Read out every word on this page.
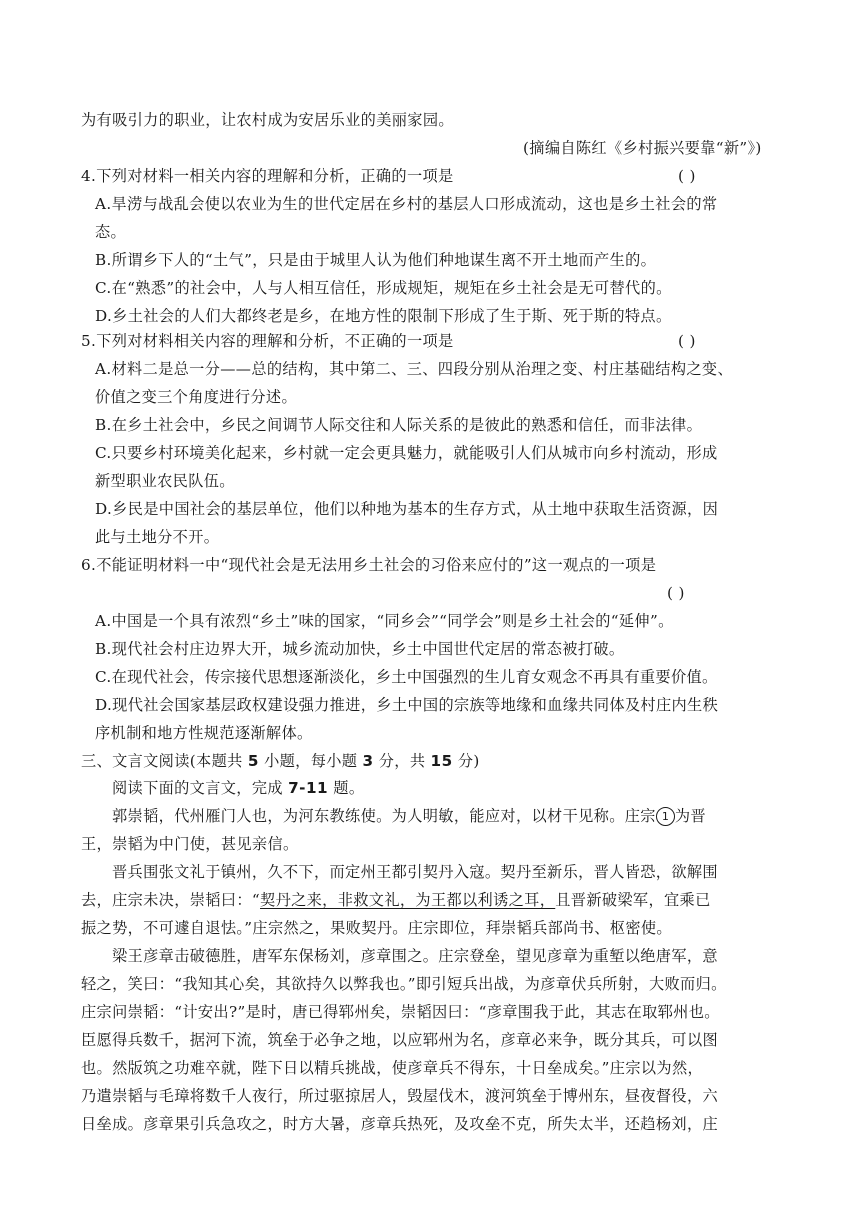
为有吸引力的职业，让农村成为安居乐业的美丽家园。
(摘编自陈红《乡村振兴要靠“新”》)
4.下列对材料一相关内容的理解和分析，正确的一项是	( )
A.旱涝与战乱会使以农业为生的世代定居在乡村的基层人口形成流动，这也是乡土社会的常
态。
B.所谓乡下人的“土气”，只是由于城里人认为他们种地谋生离不开土地而产生的。
C.在“熟悉”的社会中，人与人相互信任，形成规矩，规矩在乡土社会是无可替代的。
D.乡土社会的人们大都终老是乡，在地方性的限制下形成了生于斯、死于斯的特点。
5.下列对材料相关内容的理解和分析，不正确的一项是	( )
A.材料二是总一分——总的结构，其中第二、三、四段分别从治理之变、村庄基础结构之变、
价值之变三个角度进行分述。
B.在乡土社会中，乡民之间调节人际交往和人际关系的是彼此的熟悉和信任，而非法律。
C.只要乡村环境美化起来，乡村就一定会更具魅力，就能吸引人们从城市向乡村流动，形成
新型职业农民队伍。
D.乡民是中国社会的基层单位，他们以种地为基本的生存方式，从土地中获取生活资源，因
此与土地分不开。
6.不能证明材料一中“现代社会是无法用乡土社会的习俗来应付的”这一观点的一项是
( )
A.中国是一个具有浓烈“乡土”味的国家，“同乡会”“同学会”则是乡土社会的“延伸”。
B.现代社会村庄边界大开，城乡流动加快，乡土中国世代定居的常态被打破。
C.在现代社会，传宗接代思想逐渐淡化，乡土中国强烈的生儿育女观念不再具有重要价值。
D.现代社会国家基层政权建设强力推进，乡土中国的宗族等地缘和血缘共同体及村庄内生秩
序机制和地方性规范逐渐解体。
三、文言文阅读(本题共 5 小题，每小题 3 分，共 15 分)
阅读下面的文言文，完成 7-11 题。
郭崇韬，代州雁门人也，为河东教练使。为人明敏，能应对，以材干见称。庄宗 1 为晋
王，崇韬为中门使，甚见亲信。
晋兵围张文礼于镇州，久不下，而定州王都引契丹入寇。契丹至新乐，晋人皆恐，欲解围
去，庄宗未决，崇韬曰：“契丹之来，非救文礼，为王都以利诱之耳，且晋新破梁军，宜乘已
振之势，不可遽自退怯。”庄宗然之，果败契丹。庄宗即位，拜崇韬兵部尚书、枢密使。
梁王彦章击破德胜，唐军东保杨刘，彦章围之。庄宗登垒，望见彦章为重堑以绝唐军，意
轻之，笑曰：“我知其心矣，其欲持久以弊我也。”即引短兵出战，为彦章伏兵所射，大败而归。
庄宗问崇韬：“计安出?”是时，唐已得郓州矣，崇韬因曰：“彦章围我于此，其志在取郓州也。
臣愿得兵数千，据河下流，筑垒于必争之地，以应郓州为名，彦章必来争，既分其兵，可以图
也。然版筑之功难卒就，陛下日以精兵挑战，使彦章兵不得东，十日垒成矣。”庄宗以为然，
乃遣崇韬与毛璋将数千人夜行，所过驱掠居人，毁屋伐木，渡河筑垒于博州东，昼夜督役，六
日垒成。彦章果引兵急攻之，时方大暑，彦章兵热死，及攻垒不克，所失太半，还趋杨刘，庄
